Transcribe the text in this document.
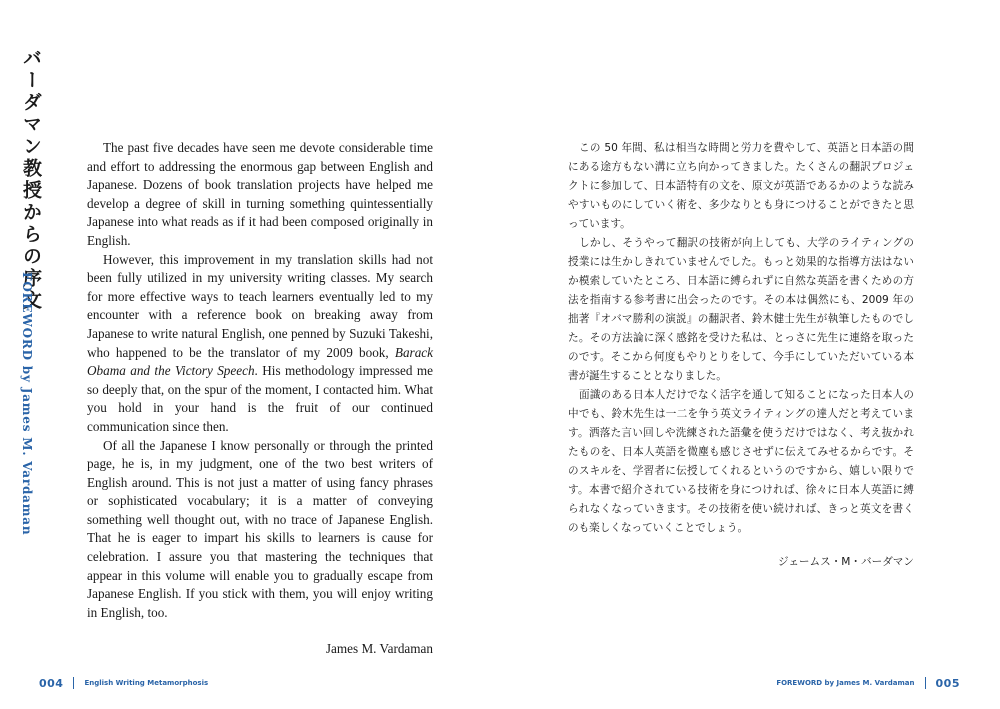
バーダマン教授からの序文
FOREWORD by James M. Vardaman

The past five decades have seen me devote considerable time and effort to addressing the enormous gap between English and Japanese. Dozens of book translation projects have helped me develop a degree of skill in turning something quintessentially Japanese into what reads as if it had been composed originally in English.

However, this improvement in my translation skills had not been fully utilized in my university writing classes. My search for more effective ways to teach learners eventually led to my encounter with a reference book on breaking away from Japanese to write natural English, one penned by Suzuki Takeshi, who happened to be the translator of my 2009 book, Barack Obama and the Victory Speech. His methodology impressed me so deeply that, on the spur of the moment, I contacted him. What you hold in your hand is the fruit of our continued communication since then.

Of all the Japanese I know personally or through the printed page, he is, in my judgment, one of the two best writers of English around. This is not just a matter of using fancy phrases or sophisticated vocabulary; it is a matter of conveying something well thought out, with no trace of Japanese English. That he is eager to impart his skills to learners is cause for celebration. I assure you that mastering the techniques that appear in this volume will enable you to gradually escape from Japanese English. If you stick with them, you will enjoy writing in English, too.

James M. Vardaman

この 50 年間、私は相当な時間と労力を費やして、英語と日本語の間にある途方もない溝に立ち向かってきました。たくさんの翻訳プロジェクトに参加して、日本語特有の文を、原文が英語であるかのような読みやすいものにしていく術を、多少なりとも身につけることができたと思っています。

しかし、そうやって翻訳の技術が向上しても、大学のライティングの授業には生かしきれていませんでした。もっと効果的な指導方法はないか模索していたところ、日本語に縛られずに自然な英語を書くための方法を指南する参考書に出会ったのです。その本は偶然にも、2009 年の拙著『オバマ勝利の演説』の翻訳者、鈴木健士先生が執筆したものでした。その方法論に深く感銘を受けた私は、とっさに先生に連絡を取ったのです。そこから何度もやりとりをして、今手にしていただいている本書が誕生することとなりました。

面識のある日本人だけでなく活字を通して知ることになった日本人の中でも、鈴木先生は一二を争う英文ライティングの達人だと考えています。洒落た言い回しや洗練された語彙を使うだけではなく、考え抜かれたものを、日本人英語を微塵も感じさせずに伝えてみせるからです。そのスキルを、学習者に伝授してくれるというのですから、嬉しい限りです。本書で紹介されている技術を身につければ、徐々に日本人英語に縛られなくなっていきます。その技術を使い続ければ、きっと英文を書くのも楽しくなっていくことでしょう。

ジェームス・M・バーダマン

004	English Writing Metamorphosis	FOREWORD by James M. Vardaman 005
